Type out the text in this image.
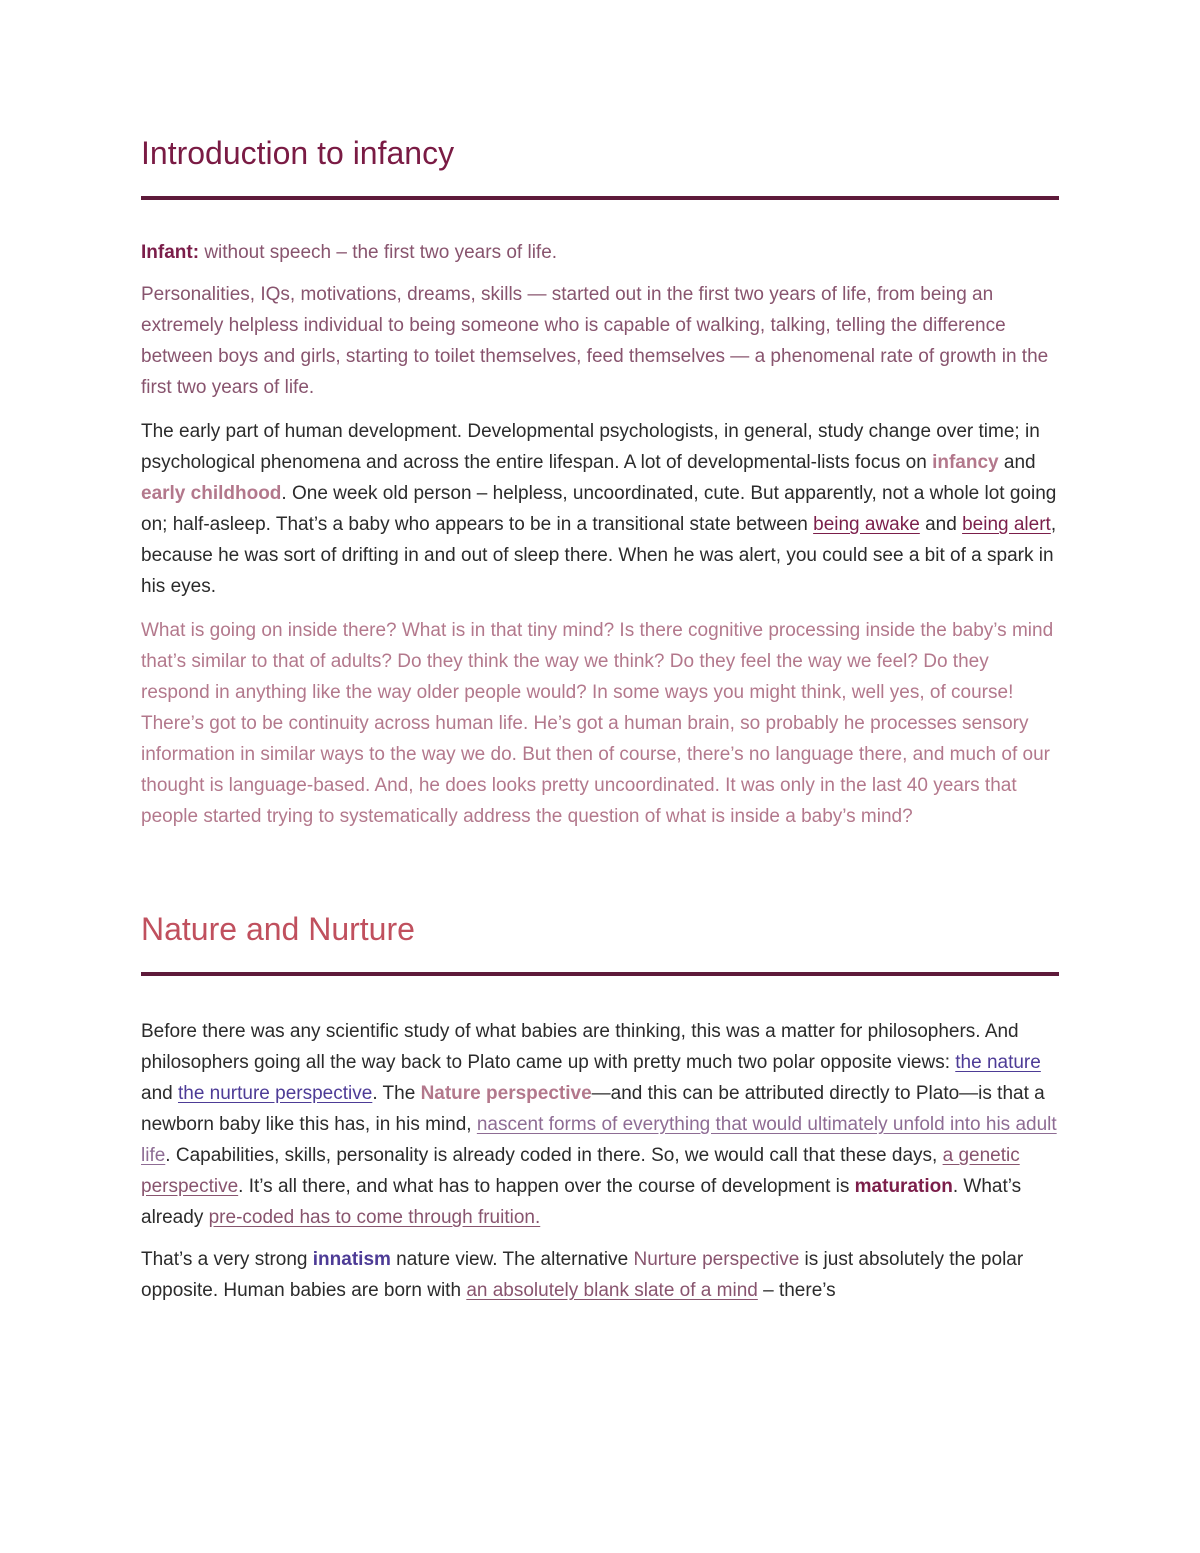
Introduction to infancy

Infant: without speech – the first two years of life.

Personalities, IQs, motivations, dreams, skills — started out in the first two years of life, from being an extremely helpless individual to being someone who is capable of walking, talking, telling the difference between boys and girls, starting to toilet themselves, feed themselves — a phenomenal rate of growth in the first two years of life.

The early part of human development. Developmental psychologists, in general, study change over time; in psychological phenomena and across the entire lifespan. A lot of developmental-lists focus on infancy and early childhood. One week old person – helpless, uncoordinated, cute. But apparently, not a whole lot going on; half-asleep. That’s a baby who appears to be in a transitional state between being awake and being alert, because he was sort of drifting in and out of sleep there. When he was alert, you could see a bit of a spark in his eyes.

What is going on inside there? What is in that tiny mind? Is there cognitive processing inside the baby’s mind that’s similar to that of adults? Do they think the way we think? Do they feel the way we feel? Do they respond in anything like the way older people would? In some ways you might think, well yes, of course! There’s got to be continuity across human life. He’s got a human brain, so probably he processes sensory information in similar ways to the way we do. But then of course, there’s no language there, and much of our thought is language-based. And, he does looks pretty uncoordinated. It was only in the last 40 years that people started trying to systematically address the question of what is inside a baby’s mind?

Nature and Nurture

Before there was any scientific study of what babies are thinking, this was a matter for philosophers. And philosophers going all the way back to Plato came up with pretty much two polar opposite views: the nature and the nurture perspective. The Nature perspective—and this can be attributed directly to Plato—is that a newborn baby like this has, in his mind, nascent forms of everything that would ultimately unfold into his adult life. Capabilities, skills, personality is already coded in there. So, we would call that these days, a genetic perspective. It’s all there, and what has to happen over the course of development is maturation. What’s already pre-coded has to come through fruition.

That’s a very strong innatism nature view. The alternative Nurture perspective is just absolutely the polar opposite. Human babies are born with an absolutely blank slate of a mind – there’s
